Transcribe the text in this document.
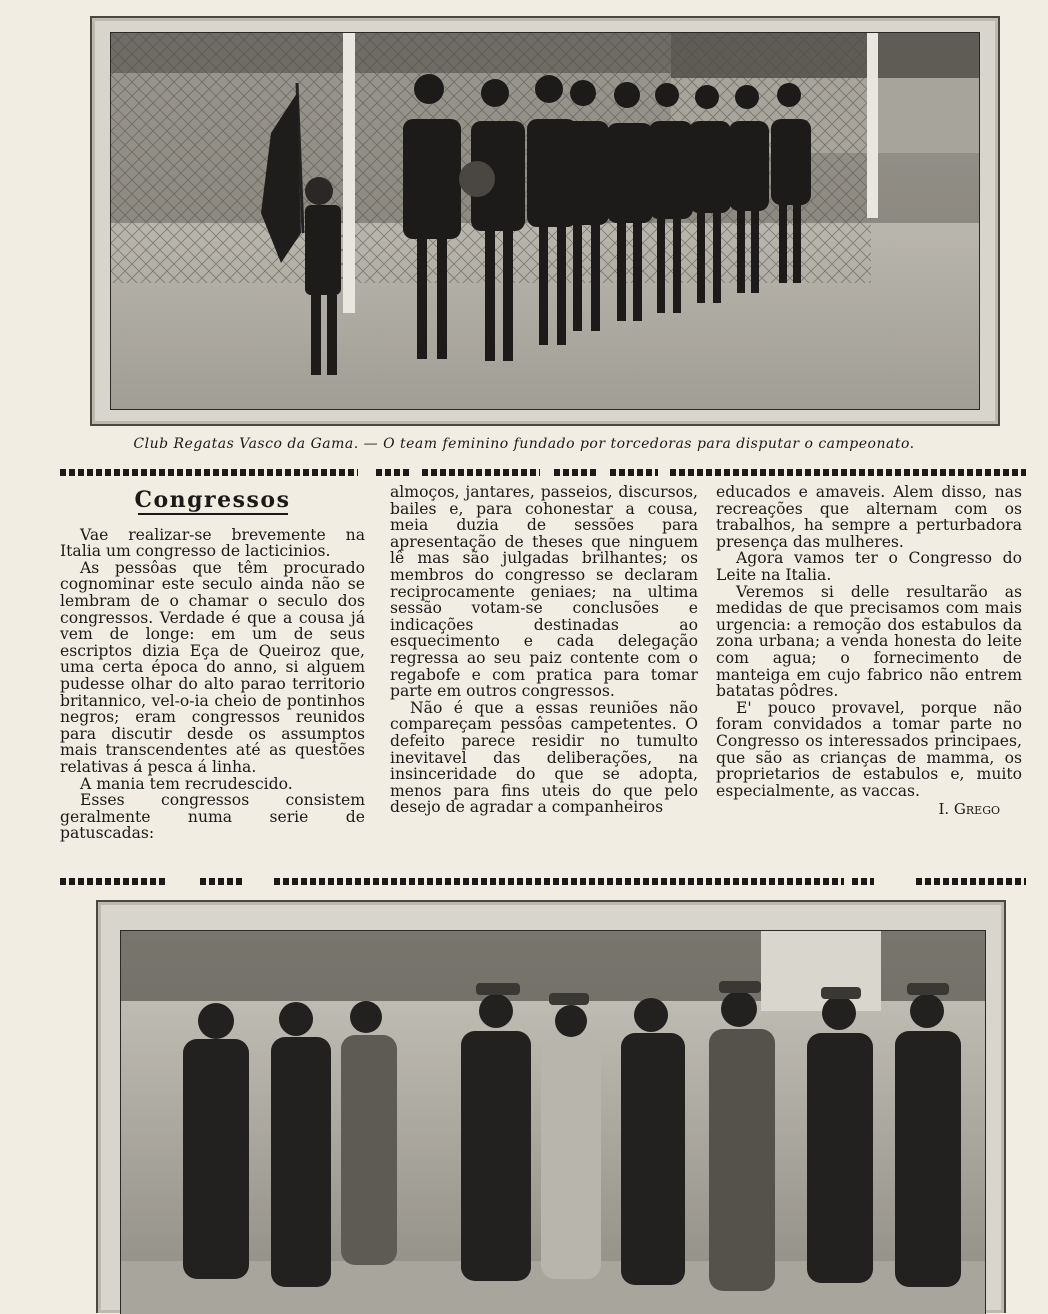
Club Regatas Vasco da Gama. — O team feminino fundado por torcedoras para disputar o campeonato.
Congressos

Vae realizar-se brevemente na Italia um congresso de lacticinios.

As pessôas que têm procurado cognominar este seculo ainda não se lembram de o chamar o seculo dos congressos. Verdade é que a cousa já vem de longe: em um de seus escriptos dizia Eça de Queiroz que, uma certa época do anno, si alguem pudesse olhar do alto parao territorio britannico, vel-o-ia cheio de pontinhos negros; eram congressos reunidos para discutir desde os assumptos mais transcendentes até as questões relativas á pesca á linha.

A mania tem recrudescido.

Esses congressos consistem geralmente numa serie de patuscadas:

almoços, jantares, passeios, discursos, bailes e, para cohonestar a cousa, meia duzia de sessões para apresentação de theses que ninguem lê mas são julgadas brilhantes; os membros do congresso se declaram reciprocamente geniaes; na ultima sessão votam-se conclusões e indicações destinadas ao esquecimento e cada delegação regressa ao seu paiz contente com o regabofe e com pratica para tomar parte em outros congressos.

Não é que a essas reuniões não compareçam pessôas campetentes. O defeito parece residir no tumulto inevitavel das deliberações, na insinceridade do que se adopta, menos para fins uteis do que pelo desejo de agradar a companheiros

educados e amaveis. Alem disso, nas recreações que alternam com os trabalhos, ha sempre a perturbadora presença das mulheres.

Agora vamos ter o Congresso do Leite na Italia.

Veremos si delle resultarão as medidas de que precisamos com mais urgencia: a remoção dos estabulos da zona urbana; a venda honesta do leite com agua; o fornecimento de manteiga em cujo fabrico não entrem batatas pôdres.

E' pouco provavel, porque não foram convidados a tomar parte no Congresso os interessados principaes, que são as crianças de mamma, os proprietarios de estabulos e, muito especialmente, as vaccas.

I. Grego
